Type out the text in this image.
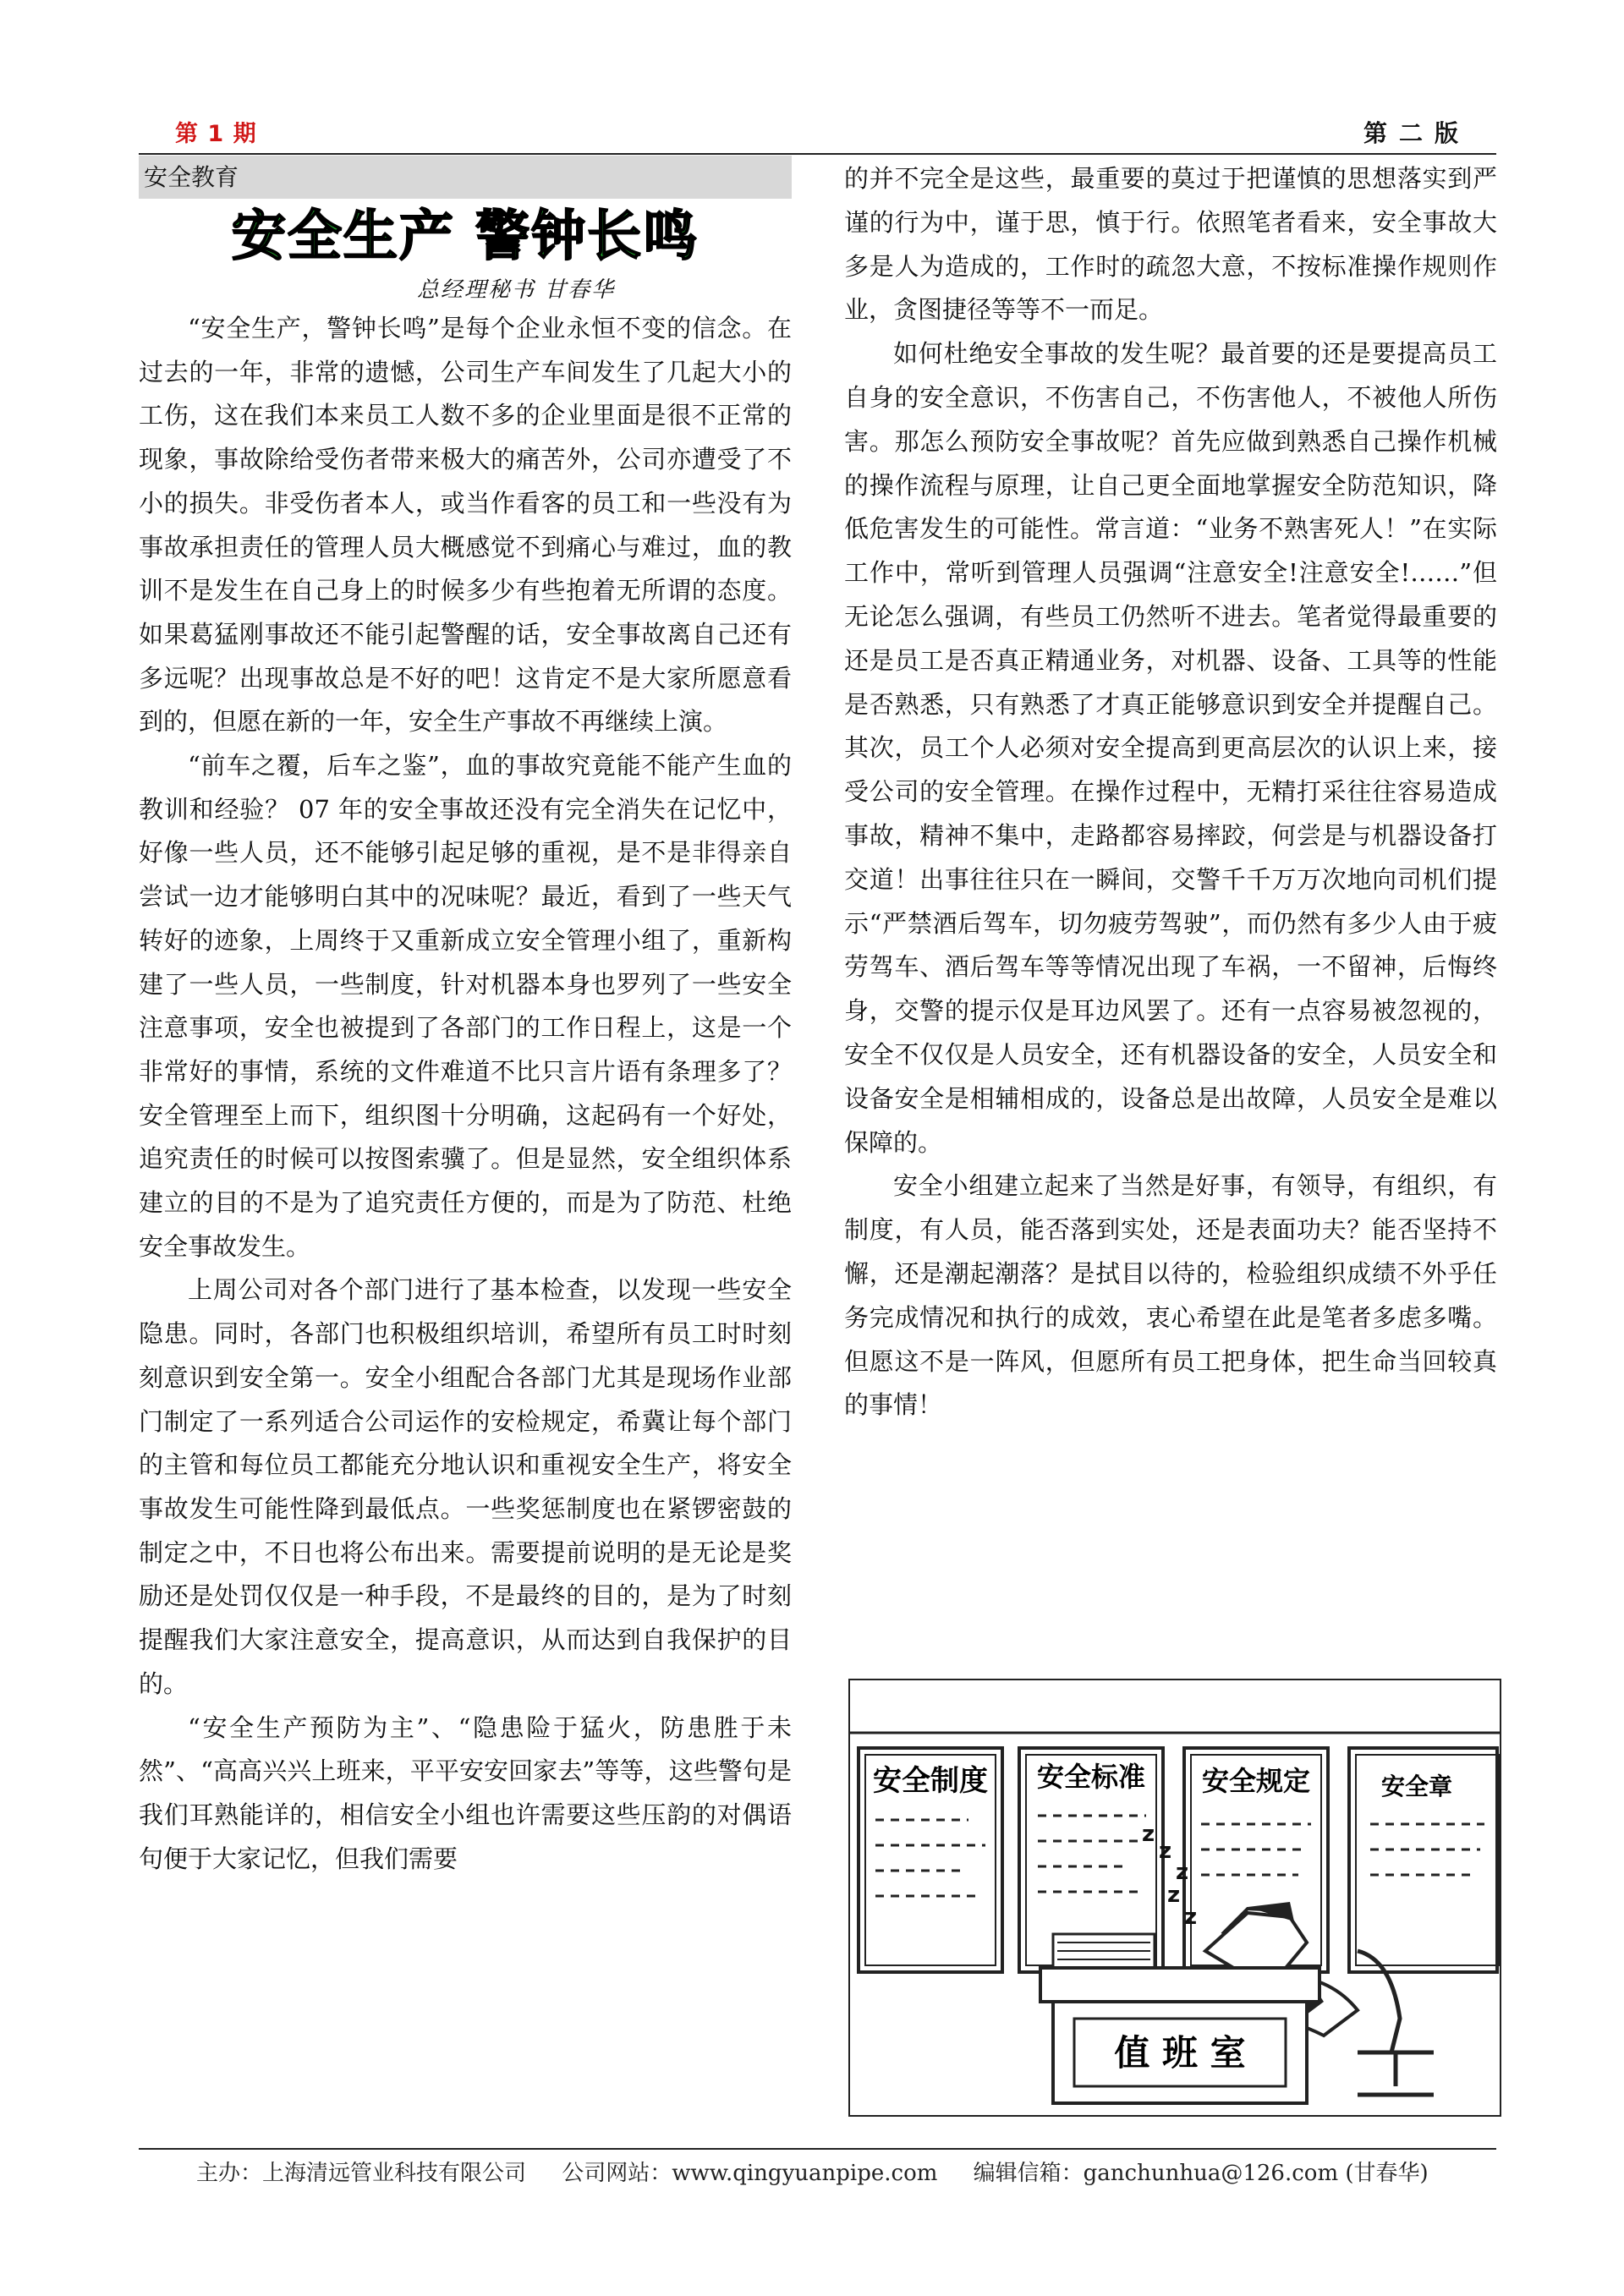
第 1 期	第二版
安全教育
安全生产 警钟长鸣
总经理秘书 甘春华

“安全生产，警钟长鸣”是每个企业永恒不变的信念。在过去的一年，非常的遗憾，公司生产车间发生了几起大小的工伤，这在我们本来员工人数不多的企业里面是很不正常的现象，事故除给受伤者带来极大的痛苦外，公司亦遭受了不小的损失。非受伤者本人，或当作看客的员工和一些没有为事故承担责任的管理人员大概感觉不到痛心与难过，血的教训不是发生在自己身上的时候多少有些抱着无所谓的态度。如果葛猛刚事故还不能引起警醒的话，安全事故离自己还有多远呢？出现事故总是不好的吧！这肯定不是大家所愿意看到的，但愿在新的一年，安全生产事故不再继续上演。

“前车之覆，后车之鉴”，血的事故究竟能不能产生血的教训和经验？ 07 年的安全事故还没有完全消失在记忆中，好像一些人员，还不能够引起足够的重视，是不是非得亲自尝试一边才能够明白其中的况味呢？最近，看到了一些天气转好的迹象，上周终于又重新成立安全管理小组了，重新构建了一些人员，一些制度，针对机器本身也罗列了一些安全注意事项，安全也被提到了各部门的工作日程上，这是一个非常好的事情，系统的文件难道不比只言片语有条理多了？安全管理至上而下，组织图十分明确，这起码有一个好处，追究责任的时候可以按图索骥了。但是显然，安全组织体系建立的目的不是为了追究责任方便的，而是为了防范、杜绝安全事故发生。

上周公司对各个部门进行了基本检查，以发现一些安全隐患。同时，各部门也积极组织培训，希望所有员工时时刻刻意识到安全第一。安全小组配合各部门尤其是现场作业部门制定了一系列适合公司运作的安检规定，希冀让每个部门的主管和每位员工都能充分地认识和重视安全生产，将安全事故发生可能性降到最低点。一些奖惩制度也在紧锣密鼓的制定之中，不日也将公布出来。需要提前说明的是无论是奖励还是处罚仅仅是一种手段，不是最终的目的，是为了时刻提醒我们大家注意安全，提高意识，从而达到自我保护的目的。

“安全生产预防为主”、“隐患险于猛火，防患胜于未然”、“高高兴兴上班来，平平安安回家去”等等，这些警句是我们耳熟能详的，相信安全小组也许需要这些压韵的对偶语句便于大家记忆，但我们需要

的并不完全是这些，最重要的莫过于把谨慎的思想落实到严谨的行为中，谨于思，慎于行。依照笔者看来，安全事故大多是人为造成的，工作时的疏忽大意，不按标准操作规则作业，贪图捷径等等不一而足。

如何杜绝安全事故的发生呢？最首要的还是要提高员工自身的安全意识，不伤害自己，不伤害他人，不被他人所伤害。那怎么预防安全事故呢？首先应做到熟悉自己操作机械的操作流程与原理，让自己更全面地掌握安全防范知识，降低危害发生的可能性。常言道：“业务不熟害死人！”在实际工作中，常听到管理人员强调“注意安全!注意安全!……”但无论怎么强调，有些员工仍然听不进去。笔者觉得最重要的还是员工是否真正精通业务，对机器、设备、工具等的性能是否熟悉，只有熟悉了才真正能够意识到安全并提醒自己。其次，员工个人必须对安全提高到更高层次的认识上来，接受公司的安全管理。在操作过程中，无精打采往往容易造成事故，精神不集中，走路都容易摔跤，何尝是与机器设备打交道！出事往往只在一瞬间，交警千千万万次地向司机们提示“严禁酒后驾车，切勿疲劳驾驶”，而仍然有多少人由于疲劳驾车、酒后驾车等等情况出现了车祸，一不留神，后悔终身，交警的提示仅是耳边风罢了。还有一点容易被忽视的，安全不仅仅是人员安全，还有机器设备的安全，人员安全和设备安全是相辅相成的，设备总是出故障，人员安全是难以保障的。

安全小组建立起来了当然是好事，有领导，有组织，有制度，有人员，能否落到实处，还是表面功夫？能否坚持不懈，还是潮起潮落？是拭目以待的，检验组织成绩不外乎任务完成情况和执行的成效，衷心希望在此是笔者多虑多嘴。但愿这不是一阵风，但愿所有员工把身体，把生命当回较真的事情！

安全制度 安全标准 安全规定	安全章
z
z
z
z
z
值 班 室
主办：上海清远管业科技有限公司 公司网站：www.qingyuanpipe.com 编辑信箱：ganchunhua@126.com (甘春华)
